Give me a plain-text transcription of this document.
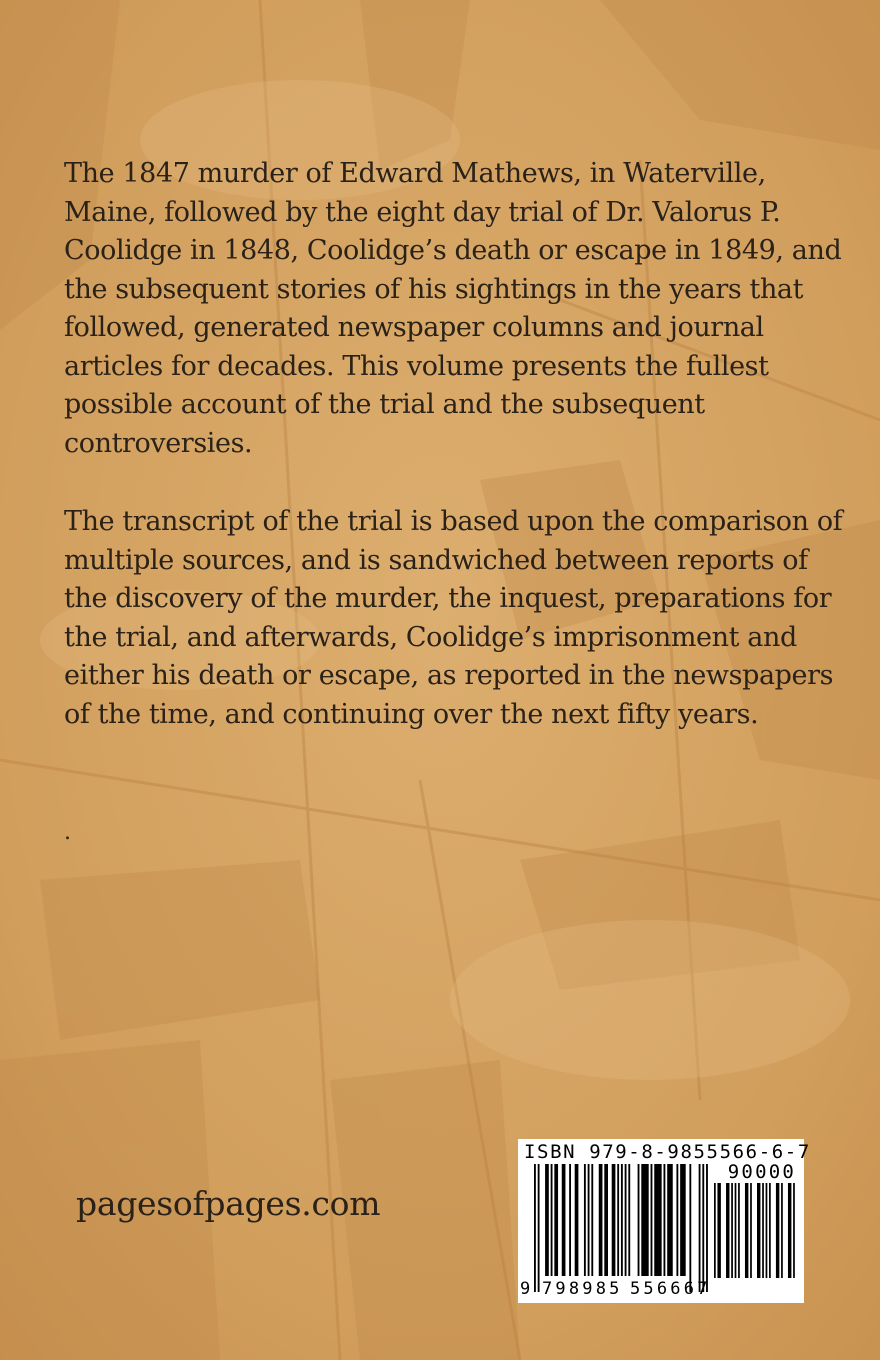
The 1847 murder of Edward Mathews, in Waterville, Maine, followed by the eight day trial of Dr. Valorus P. Coolidge in 1848, Coolidge’s death or escape in 1849, and the subsequent stories of his sightings in the years that followed, generated newspaper columns and journal articles for decades. This volume presents the fullest possible account of the trial and the subsequent controversies.

The transcript of the trial is based upon the comparison of multiple sources, and is sandwiched between reports of the discovery of the murder, the inquest, preparations for the trial, and afterwards, Coolidge’s imprisonment and either his death or escape, as reported in the newspapers of the time, and continuing over the next fifty years.

.
pagesofpages.com
ISBN 979-8-9855566-6-7
90000
9 798985 556667
